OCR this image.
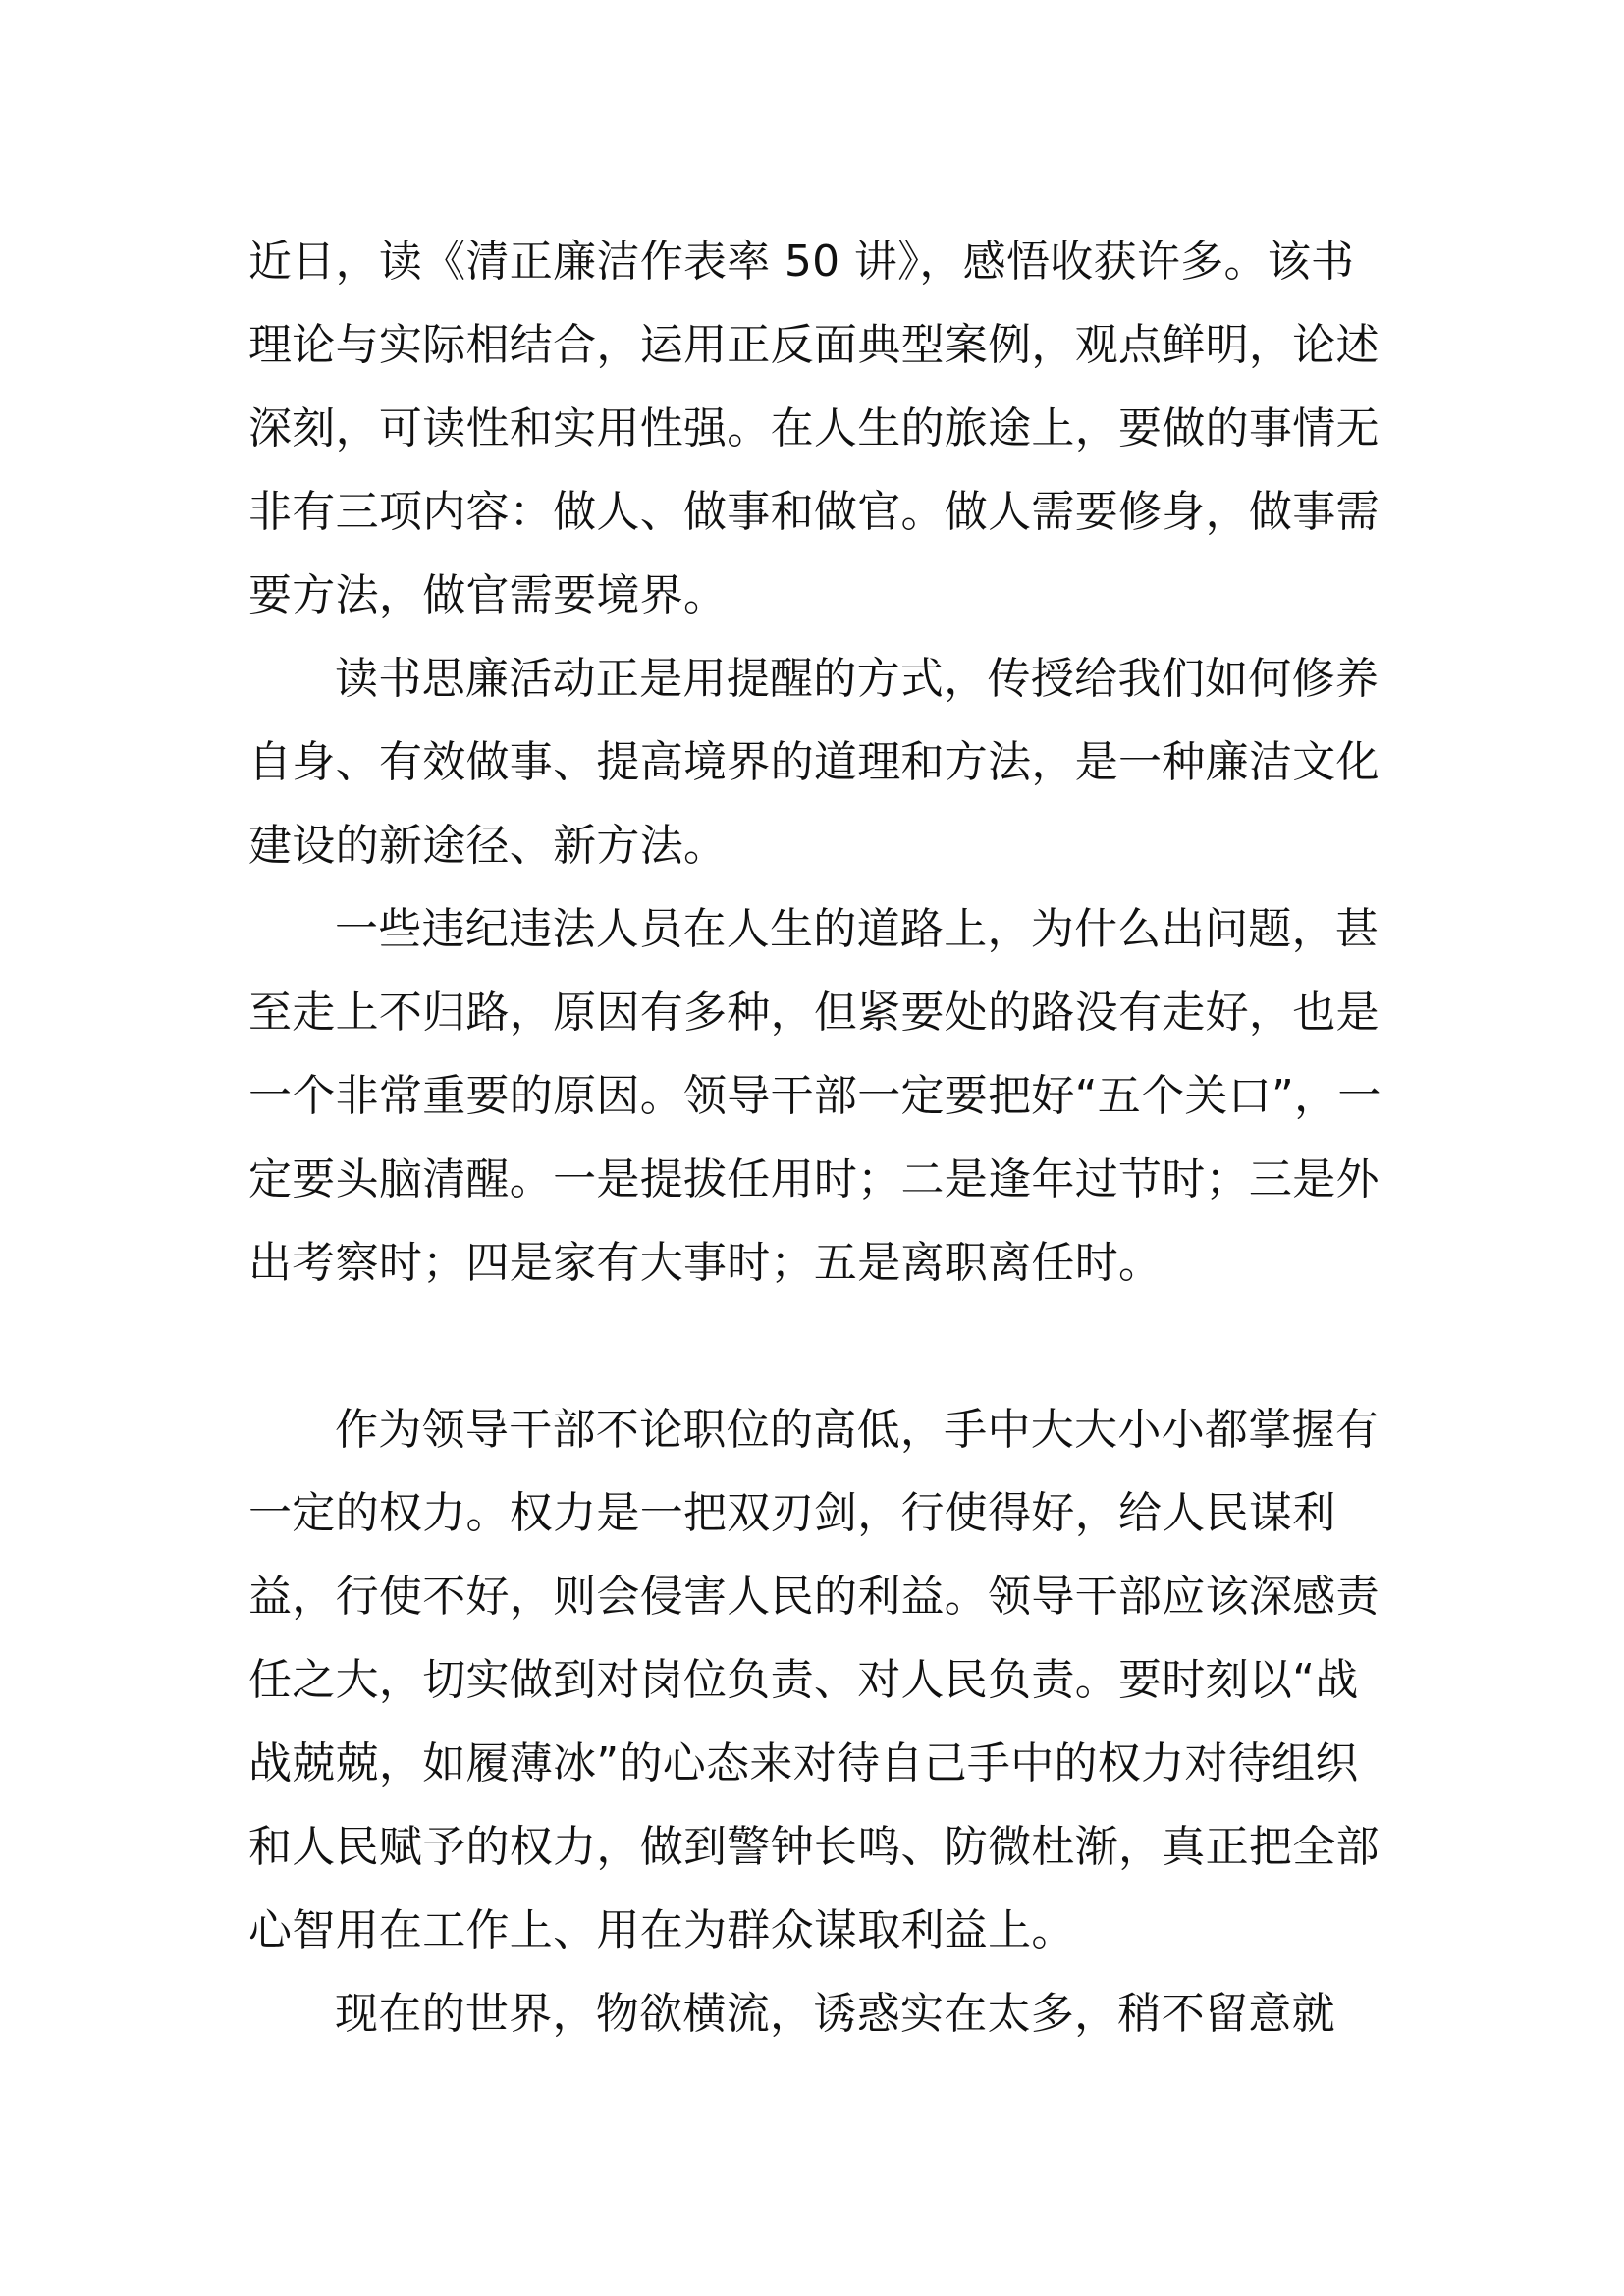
近日，读《清正廉洁作表率 50 讲》，感悟收获许多。该书理论与实际相结合，运用正反面典型案例，观点鲜明，论述深刻，可读性和实用性强。在人生的旅途上，要做的事情无非有三项内容：做人、做事和做官。做人需要修身，做事需要方法，做官需要境界。

读书思廉活动正是用提醒的方式，传授给我们如何修养自身、有效做事、提高境界的道理和方法，是一种廉洁文化建设的新途径、新方法。

一些违纪违法人员在人生的道路上，为什么出问题，甚至走上不归路，原因有多种，但紧要处的路没有走好，也是一个非常重要的原因。领导干部一定要把好“五个关口”，一定要头脑清醒。一是提拔任用时；二是逢年过节时；三是外出考察时；四是家有大事时；五是离职离任时。

作为领导干部不论职位的高低，手中大大小小都掌握有一定的权力。权力是一把双刃剑，行使得好，给人民谋利益，行使不好，则会侵害人民的利益。领导干部应该深感责任之大，切实做到对岗位负责、对人民负责。要时刻以“战战兢兢，如履薄冰”的心态来对待自己手中的权力对待组织和人民赋予的权力，做到警钟长鸣、防微杜渐，真正把全部心智用在工作上、用在为群众谋取利益上。

现在的世界，物欲横流，诱惑实在太多，稍不留意就
